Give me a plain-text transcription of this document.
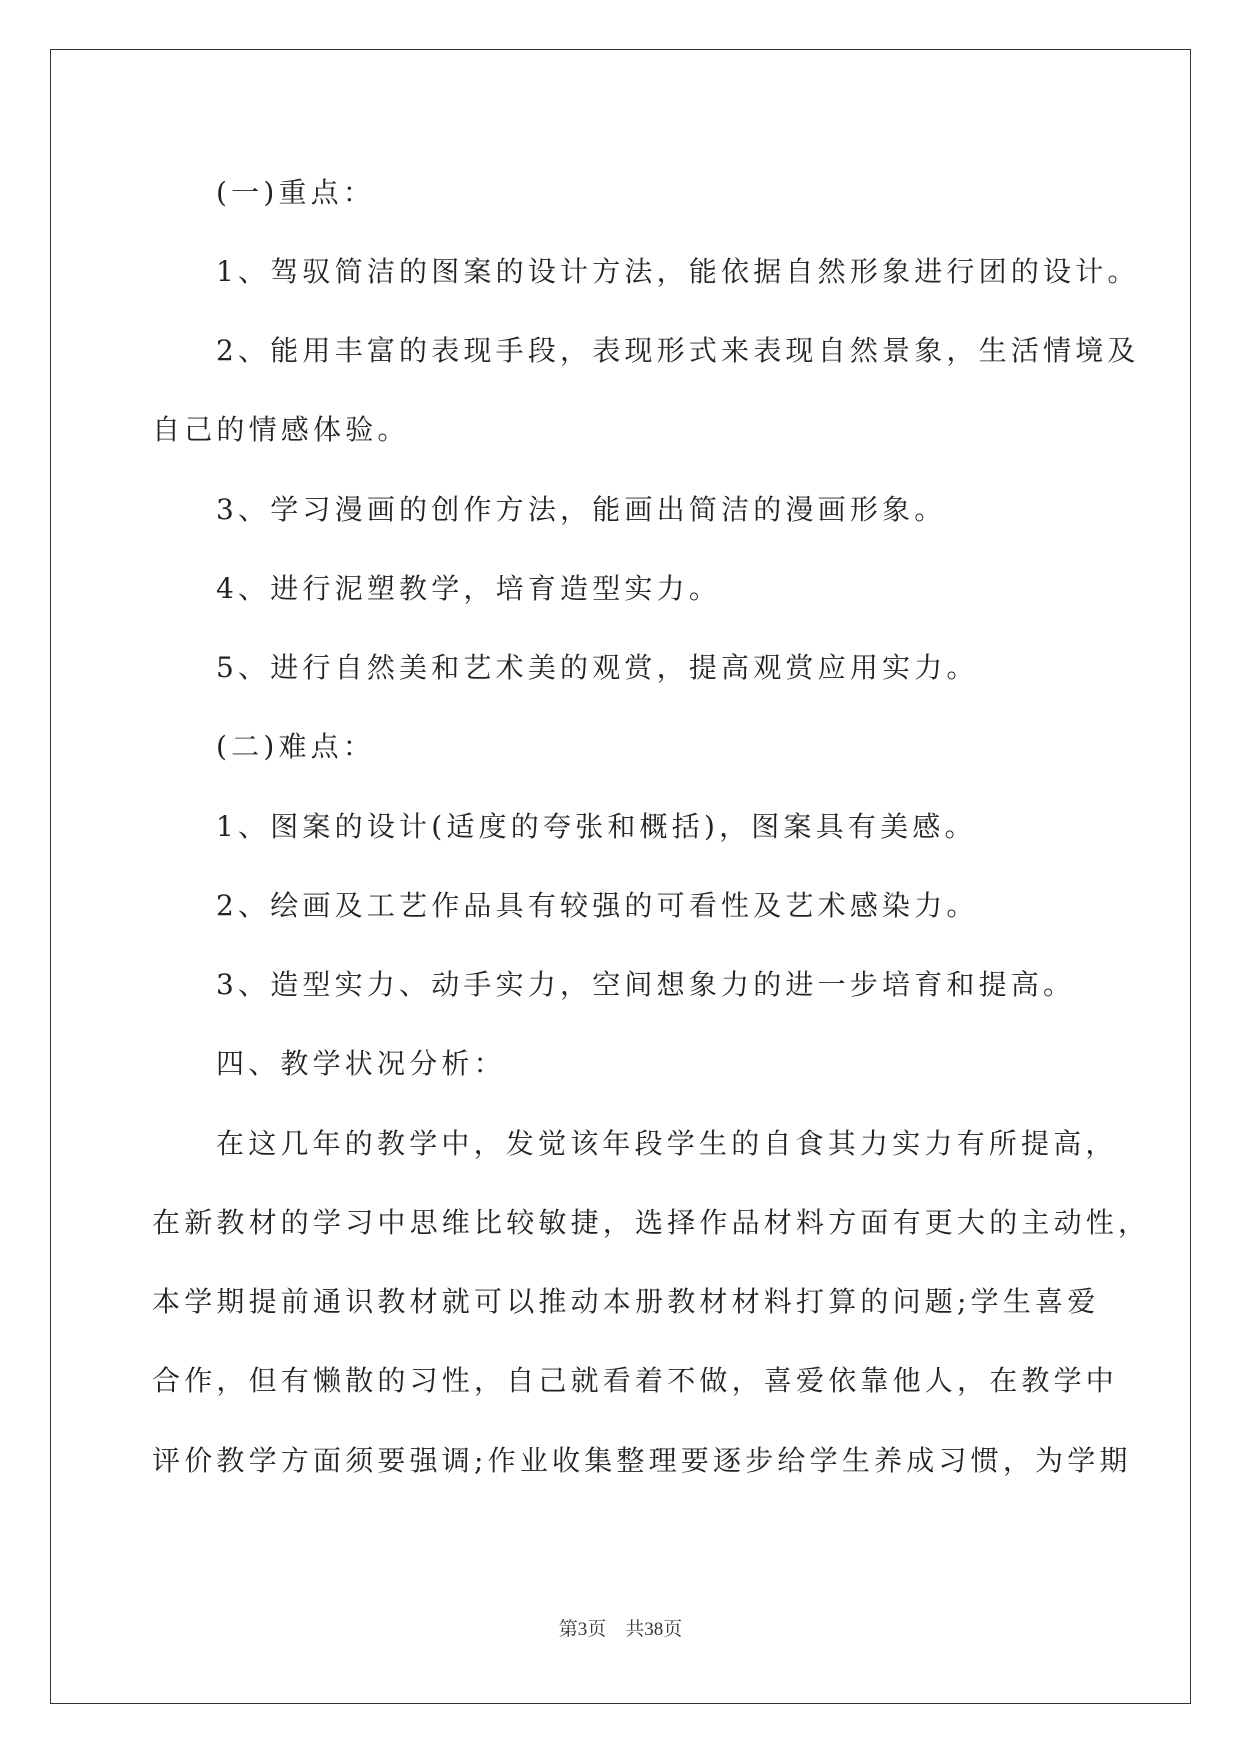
(一)重点：
1、驾驭简洁的图案的设计方法，能依据自然形象进行团的设计。
2、能用丰富的表现手段，表现形式来表现自然景象，生活情境及
自己的情感体验。
3、学习漫画的创作方法，能画出简洁的漫画形象。
4、进行泥塑教学，培育造型实力。
5、进行自然美和艺术美的观赏，提高观赏应用实力。
(二)难点：
1、图案的设计(适度的夸张和概括)，图案具有美感。
2、绘画及工艺作品具有较强的可看性及艺术感染力。
3、造型实力、动手实力，空间想象力的进一步培育和提高。
四、教学状况分析：
在这几年的教学中，发觉该年段学生的自食其力实力有所提高，
在新教材的学习中思维比较敏捷，选择作品材料方面有更大的主动性，
本学期提前通识教材就可以推动本册教材材料打算的问题;学生喜爱
合作，但有懒散的习性，自己就看着不做，喜爱依靠他人，在教学中
评价教学方面须要强调;作业收集整理要逐步给学生养成习惯，为学期
第3页　共38页
